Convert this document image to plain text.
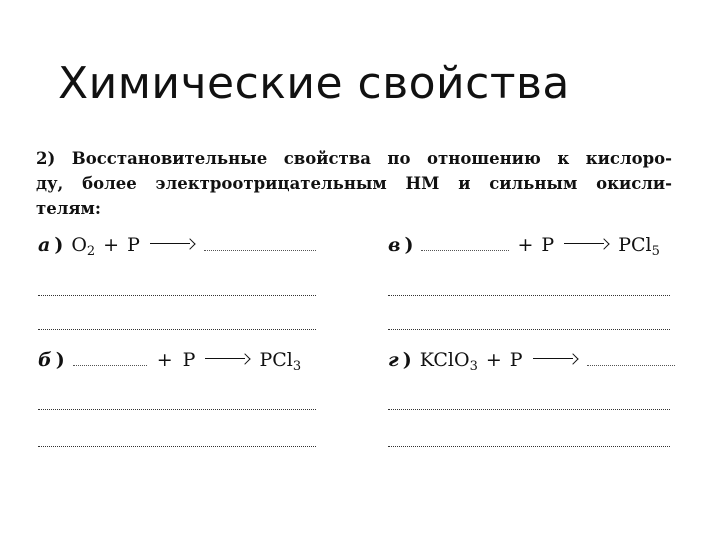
Химические свойства
2) Восстановительные свойства по отношению к кислоро-
ду, более электроотрицательным НМ и сильным окисли-
телям:
а ) $O_2 + P$	в )	+ P	PCl$_5$
б )	+ P	PCl$_3$	г ) KClO$_3$ + P
